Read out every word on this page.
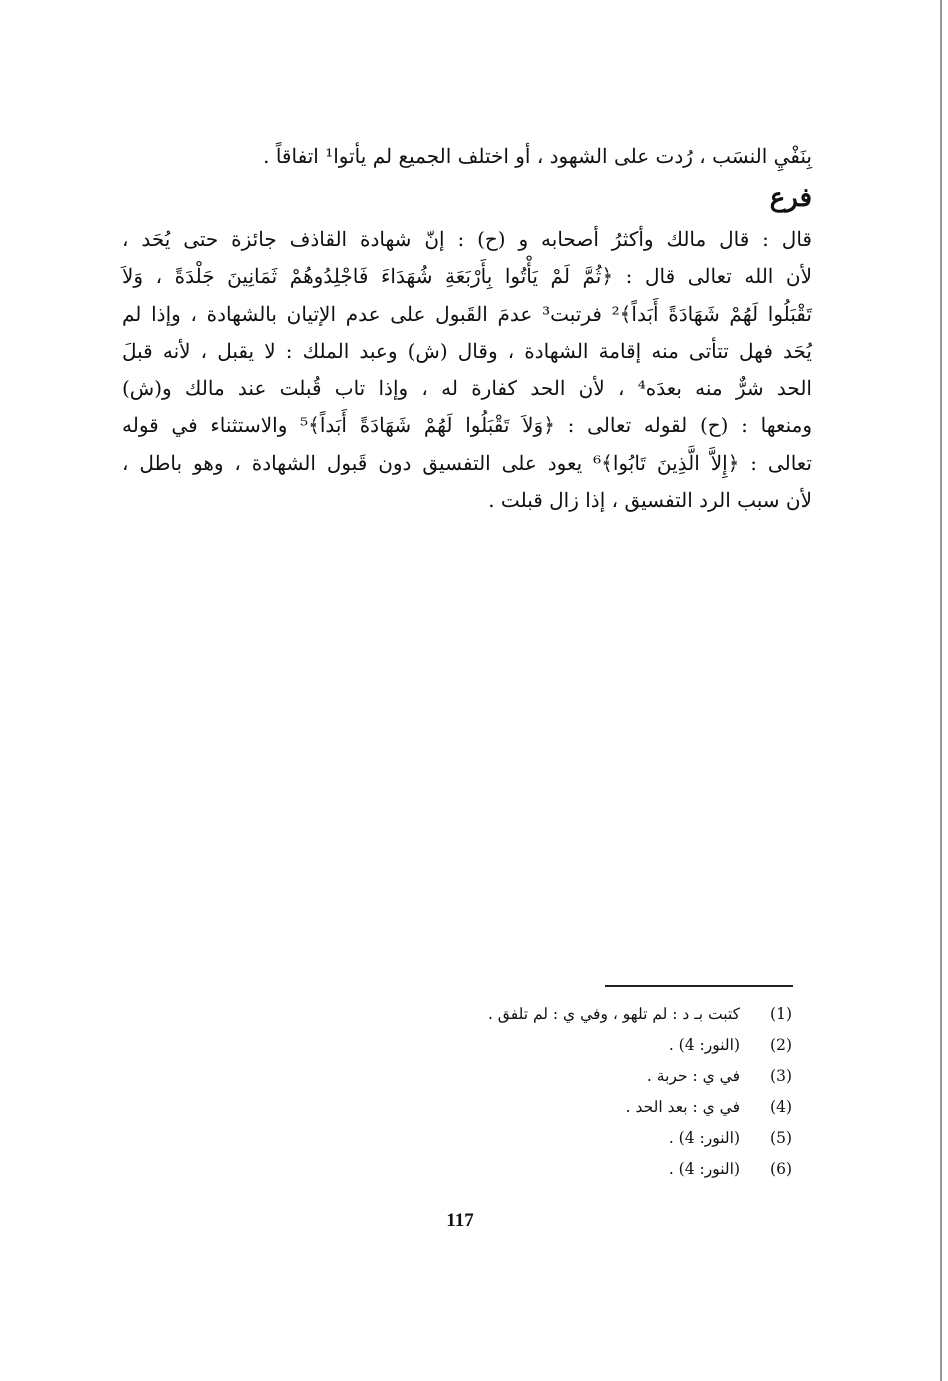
بِنَفْيِ النسَب ، رُدت على الشهود ، أو اختلف الجميع لم يأتوا¹ اتفاقاً .
فرع
قال : قال مالك وأكثرُ أصحابه و (ح) : إنّ شهادة القاذف جائزة حتى يُحَد ،
لأن الله تعالى قال : ﴿ثُمَّ لَمْ يَأْتُوا بِأَرْبَعَةِ شُهَدَاءَ فَاجْلِدُوهُمْ ثَمَانِينَ جَلْدَةً ، وَلاَ
تَقْبَلُوا لَهُمْ شَهَادَةً أَبَداً﴾² فرتبت³ عدمَ القَبول على عدم الإتيان بالشهادة ، وإذا لم
يُحَد فهل تتأتى منه إقامة الشهادة ، وقال (ش) وعبد الملك : لا يقبل ، لأنه قبلَ
الحد شرٌّ منه بعدَه⁴ ، لأن الحد كفارة له ، وإذا تاب قُبلت عند مالك و(ش)
ومنعها : (ح) لقوله تعالى : ﴿وَلاَ تَقْبَلُوا لَهُمْ شَهَادَةً أَبَداً﴾⁵ والاستثناء في قوله
تعالى : ﴿إِلاَّ الَّذِينَ تَابُوا﴾⁶ يعود على التفسيق دون قَبول الشهادة ، وهو باطل ،
لأن سبب الرد التفسيق ، إذا زال قبلت .
(1)
كتبت بـ د : لم تلهو ، وفي ي : لم تلفق .
(2)
(النور: 4) .
(3)
في ي : حربة .
(4)
في ي : بعد الحد .
(5)
(النور: 4) .
(6)
(النور: 4) .
117
